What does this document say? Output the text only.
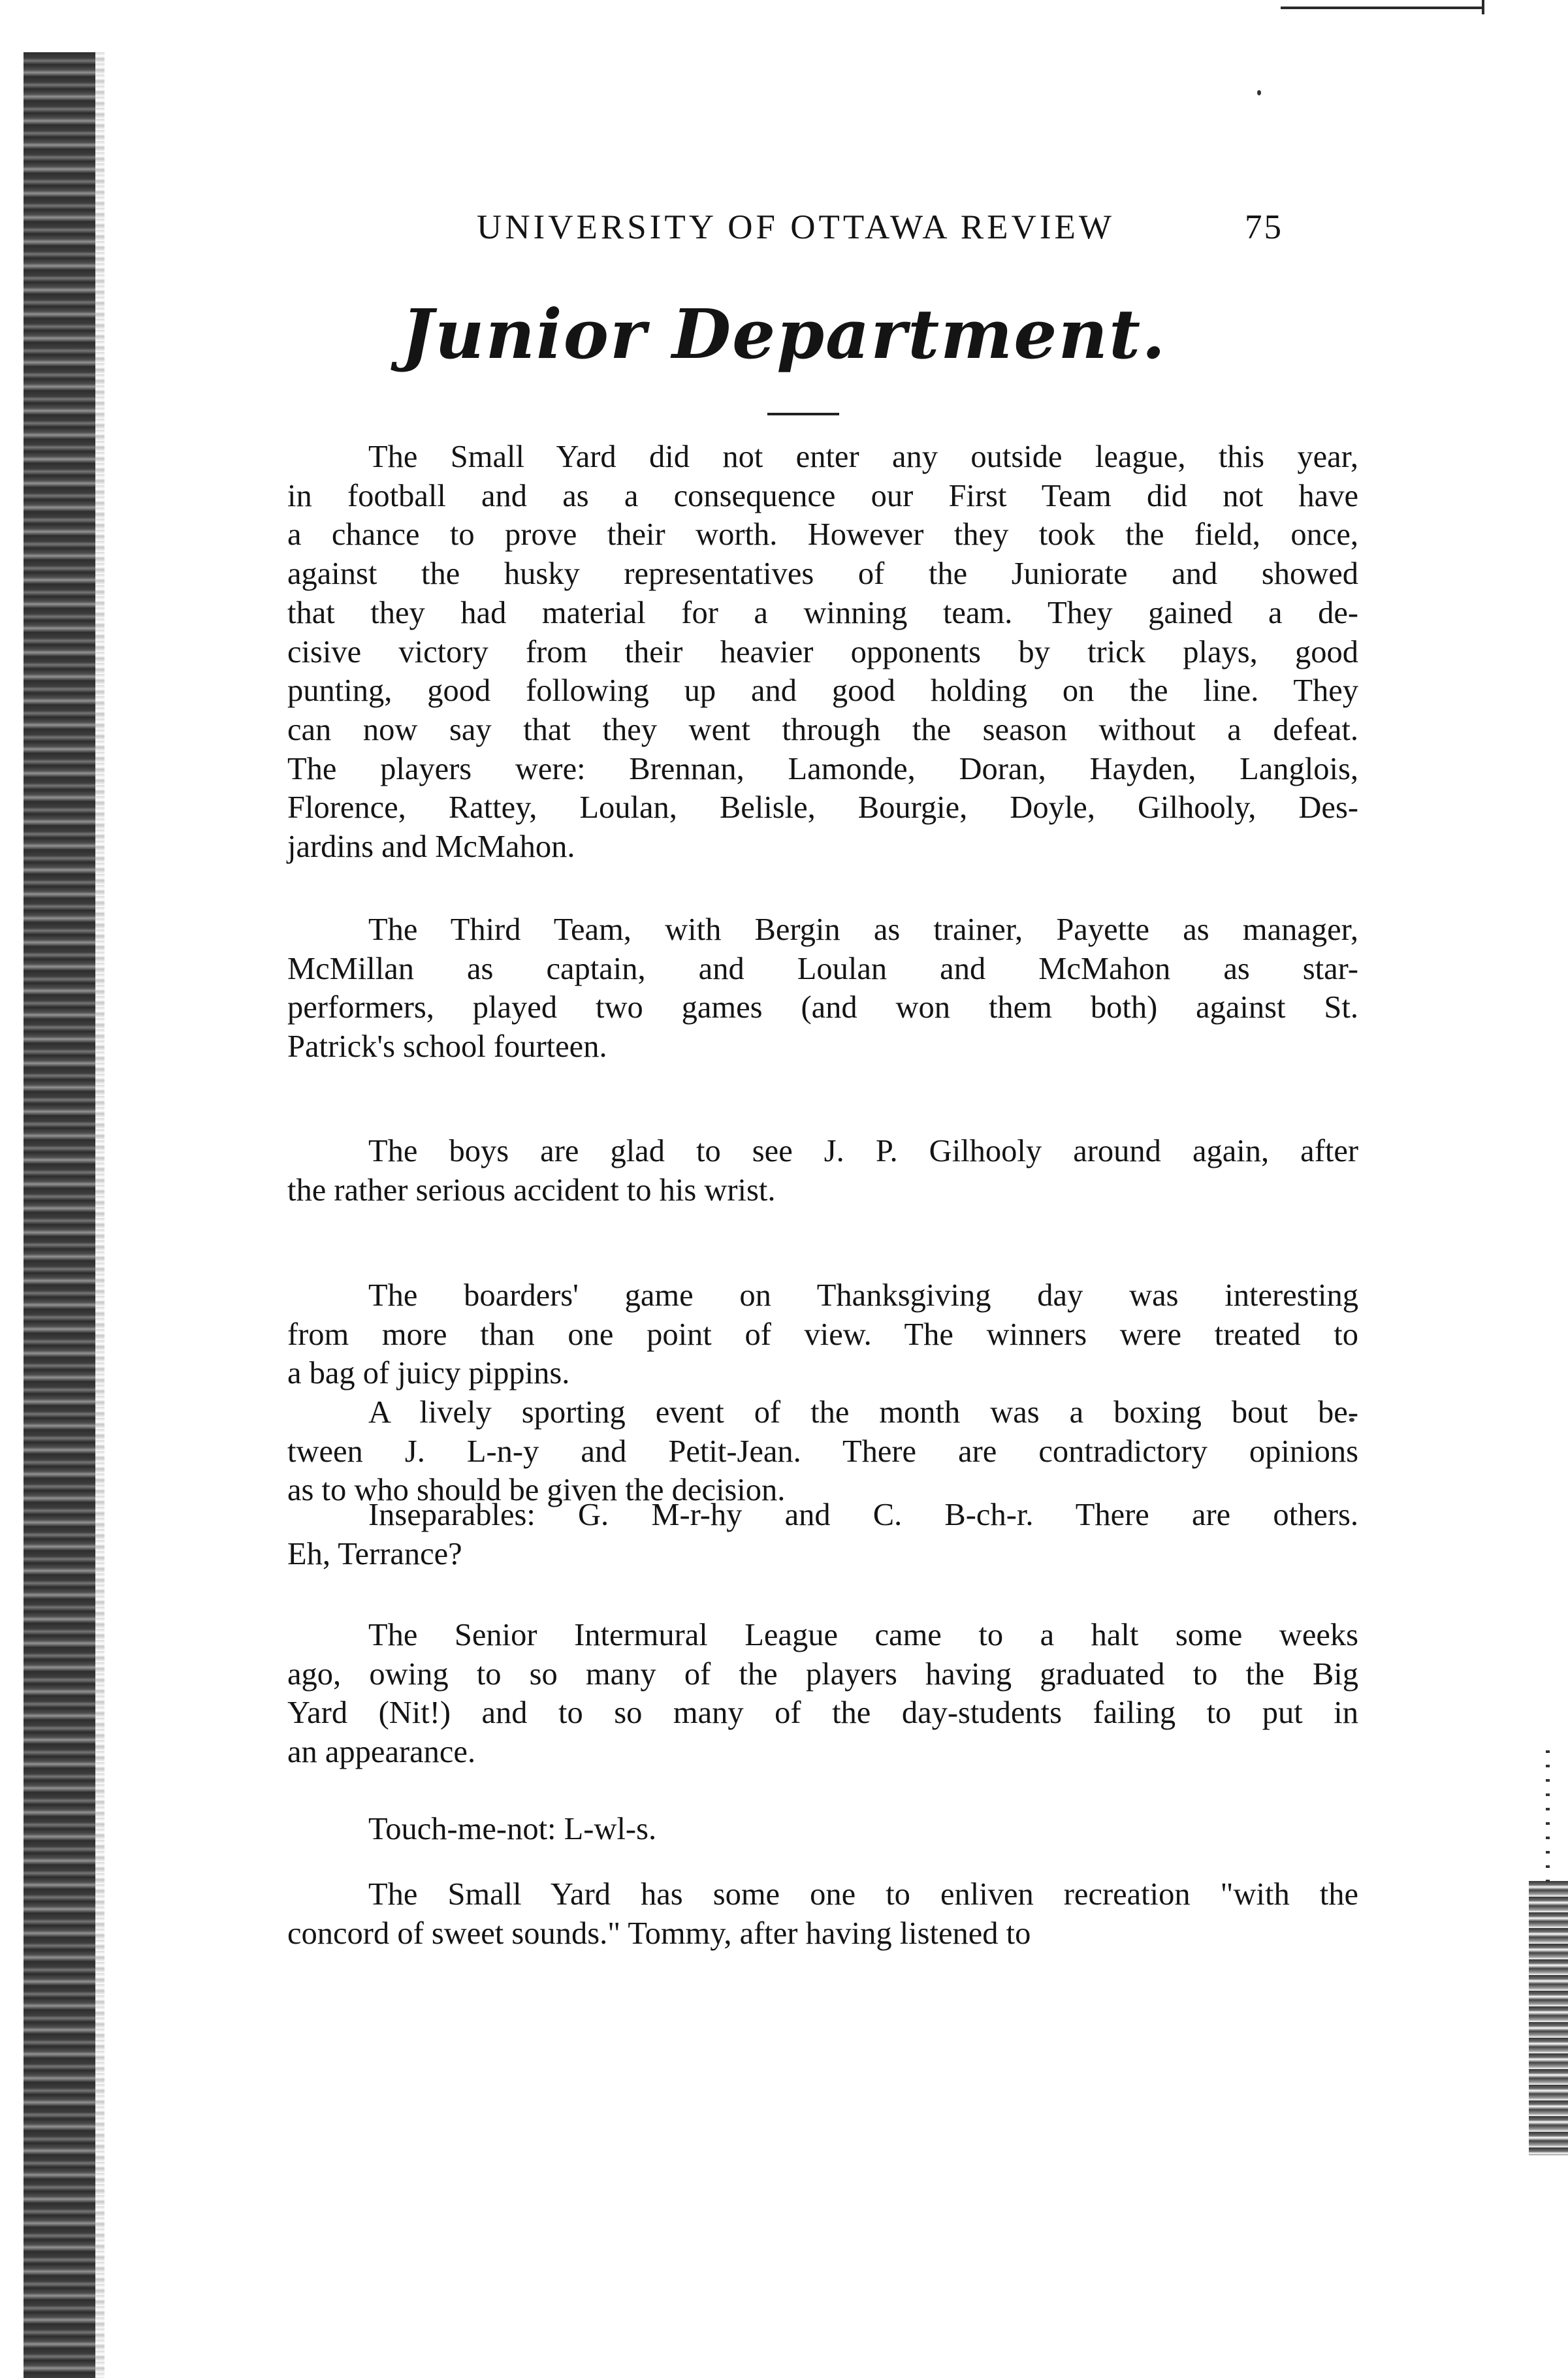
UNIVERSITY OF OTTAWA REVIEW	75
Junior Department.

The Small Yard did not enter any outside league, this year,
in football and as a consequence our First Team did not have
a chance to prove their worth. However they took the field, once,
against the husky representatives of the Juniorate and showed
that they had material for a winning team. They gained a de-
cisive victory from their heavier opponents by trick plays, good
punting, good following up and good holding on the line. They
can now say that they went through the season without a defeat.
The players were: Brennan, Lamonde, Doran, Hayden, Langlois,
Florence, Rattey, Loulan, Belisle, Bourgie, Doyle, Gilhooly, Des-
jardins and McMahon.

The Third Team, with Bergin as trainer, Payette as manager,
McMillan as captain, and Loulan and McMahon as star-
performers, played two games (and won them both) against St.
Patrick's school fourteen.

The boys are glad to see J. P. Gilhooly around again, after
the rather serious accident to his wrist.

The boarders' game on Thanksgiving day was interesting
from more than one point of view. The winners were treated to
a bag of juicy pippins.

A lively sporting event of the month was a boxing bout be-
tween J. L-n-y and Petit-Jean. There are contradictory opinions
as to who should be given the decision.

Inseparables: G. M-r-hy and C. B-ch-r. There are others.
Eh, Terrance?

The Senior Intermural League came to a halt some weeks
ago, owing to so many of the players having graduated to the Big
Yard (Nit!) and to so many of the day-students failing to put in
an appearance.

Touch-me-not: L-wl-s.

The Small Yard has some one to enliven recreation "with the
concord of sweet sounds." Tommy, after having listened to
